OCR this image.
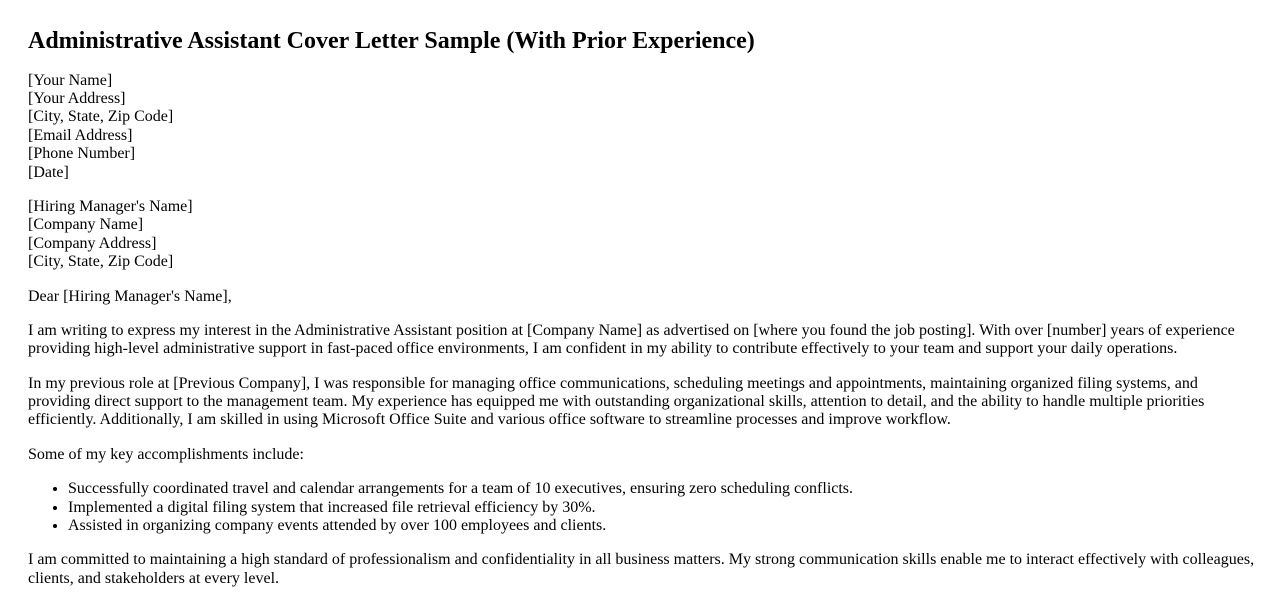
Administrative Assistant Cover Letter Sample (With Prior Experience)

[Your Name]
[Your Address]
[City, State, Zip Code]
[Email Address]
[Phone Number]
[Date]

[Hiring Manager's Name]
[Company Name]
[Company Address]
[City, State, Zip Code]

Dear [Hiring Manager's Name],

I am writing to express my interest in the Administrative Assistant position at [Company Name] as advertised on [where you found the job posting]. With over [number] years of experience providing high-level administrative support in fast-paced office environments, I am confident in my ability to contribute effectively to your team and support your daily operations.

In my previous role at [Previous Company], I was responsible for managing office communications, scheduling meetings and appointments, maintaining organized filing systems, and providing direct support to the management team. My experience has equipped me with outstanding organizational skills, attention to detail, and the ability to handle multiple priorities efficiently. Additionally, I am skilled in using Microsoft Office Suite and various office software to streamline processes and improve workflow.

Some of my key accomplishments include:

• Successfully coordinated travel and calendar arrangements for a team of 10 executives, ensuring zero scheduling conflicts.
• Implemented a digital filing system that increased file retrieval efficiency by 30%.
• Assisted in organizing company events attended by over 100 employees and clients.

I am committed to maintaining a high standard of professionalism and confidentiality in all business matters. My strong communication skills enable me to interact effectively with colleagues, clients, and stakeholders at every level.
